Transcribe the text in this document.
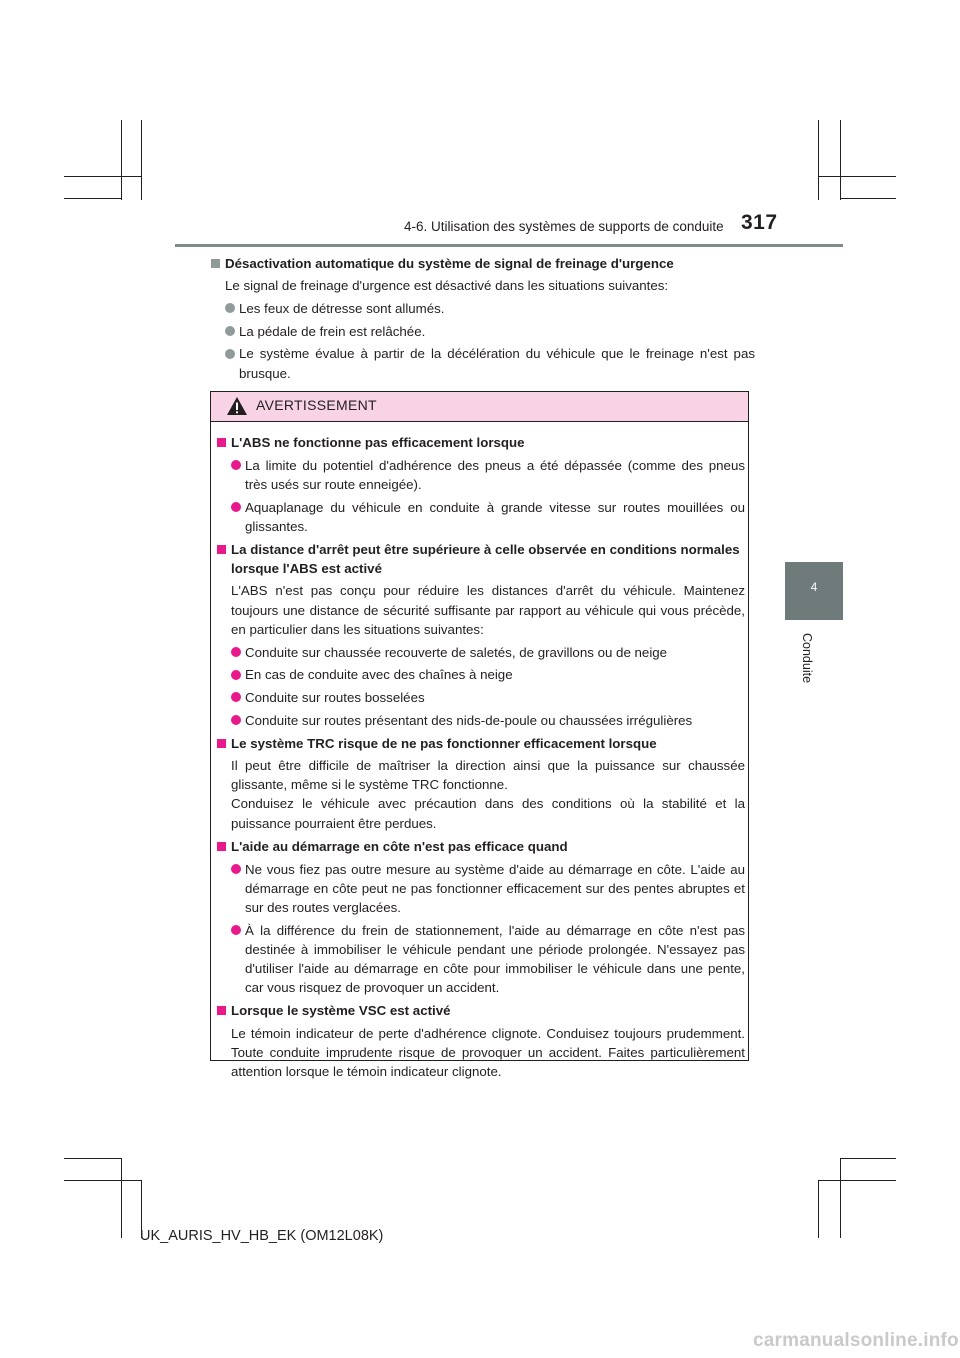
4-6. Utilisation des systèmes de supports de conduite 317
4
Conduite
Désactivation automatique du système de signal de freinage d'urgence
Le signal de freinage d'urgence est désactivé dans les situations suivantes:
Les feux de détresse sont allumés.
La pédale de frein est relâchée.
Le système évalue à partir de la décélération du véhicule que le freinage n'est pas brusque.
AVERTISSEMENT
L'ABS ne fonctionne pas efficacement lorsque
La limite du potentiel d'adhérence des pneus a été dépassée (comme des pneus très usés sur route enneigée).
Aquaplanage du véhicule en conduite à grande vitesse sur routes mouillées ou glissantes.
La distance d'arrêt peut être supérieure à celle observée en conditions normales lorsque l'ABS est activé

L'ABS n'est pas conçu pour réduire les distances d'arrêt du véhicule. Maintenez toujours une distance de sécurité suffisante par rapport au véhicule qui vous précède, en particulier dans les situations suivantes:

Conduite sur chaussée recouverte de saletés, de gravillons ou de neige
En cas de conduite avec des chaînes à neige
Conduite sur routes bosselées
Conduite sur routes présentant des nids-de-poule ou chaussées irrégulières
Le système TRC risque de ne pas fonctionner efficacement lorsque

Il peut être difficile de maîtriser la direction ainsi que la puissance sur chaussée glissante, même si le système TRC fonctionne.

Conduisez le véhicule avec précaution dans des conditions où la stabilité et la puissance pourraient être perdues.

L'aide au démarrage en côte n'est pas efficace quand
Ne vous fiez pas outre mesure au système d'aide au démarrage en côte. L'aide au démarrage en côte peut ne pas fonctionner efficacement sur des pentes abruptes et sur des routes verglacées.
À la différence du frein de stationnement, l'aide au démarrage en côte n'est pas destinée à immobiliser le véhicule pendant une période prolongée. N'essayez pas d'utiliser l'aide au démarrage en côte pour immobiliser le véhicule dans une pente, car vous risquez de provoquer un accident.
Lorsque le système VSC est activé

Le témoin indicateur de perte d'adhérence clignote. Conduisez toujours prudemment. Toute conduite imprudente risque de provoquer un accident. Faites particulièrement attention lorsque le témoin indicateur clignote.

UK_AURIS_HV_HB_EK (OM12L08K)
carmanualsonline.info
